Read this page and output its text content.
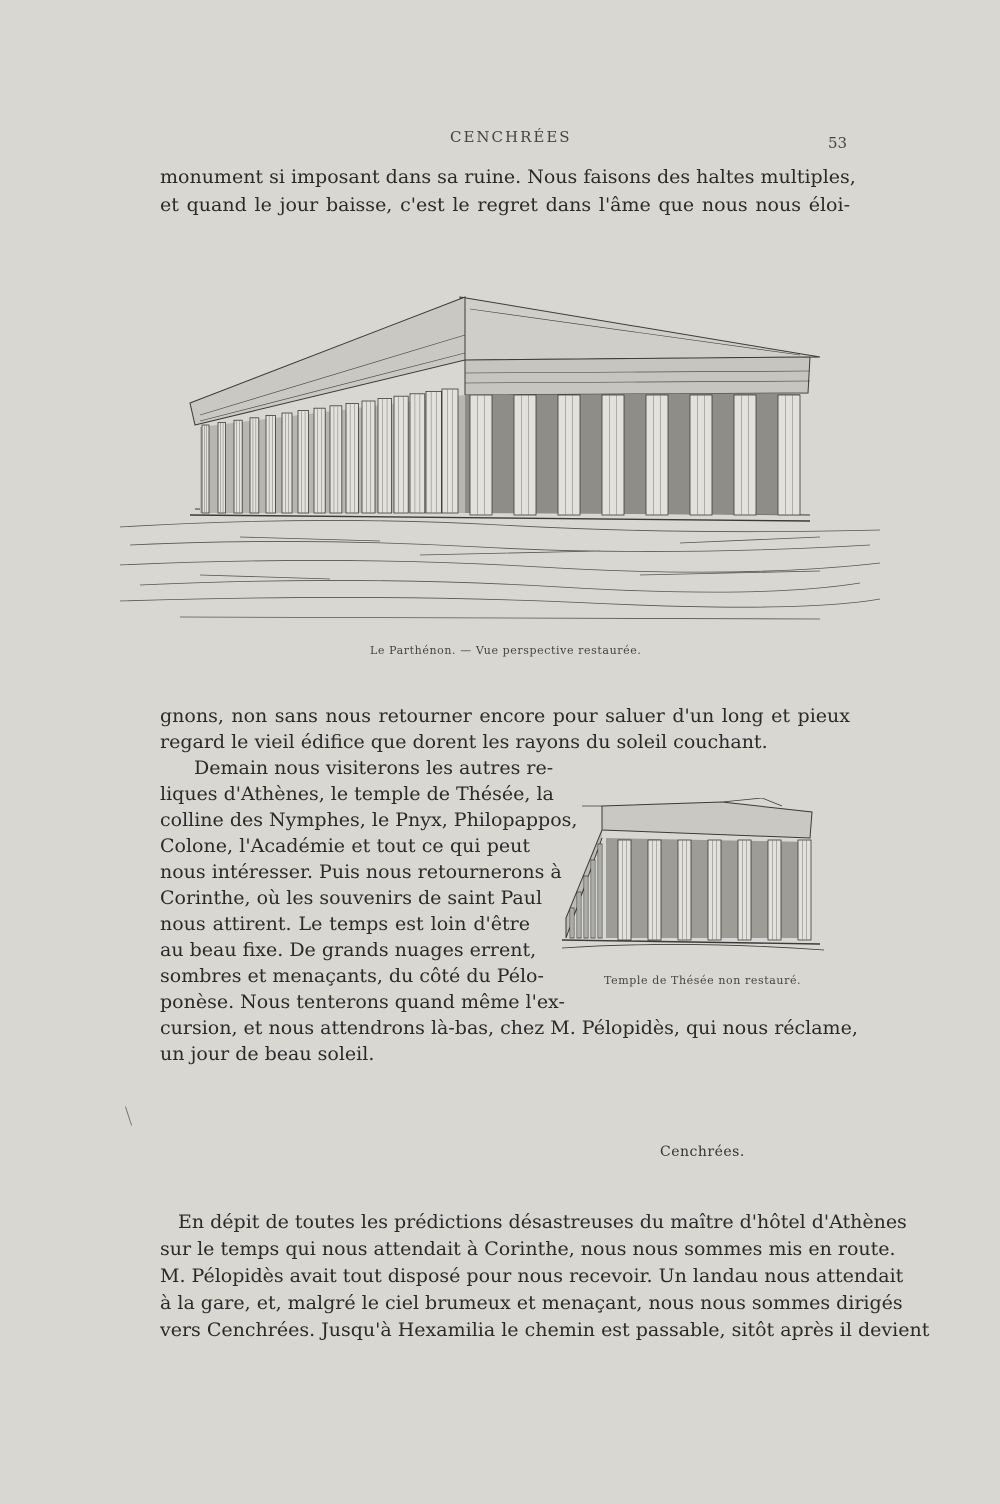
CENCHRÉES	53
monument si imposant dans sa ruine. Nous faisons des haltes multiples,
et quand le jour baisse, c'est le regret dans l'âme que nous nous éloi-
Le Parthénon. — Vue perspective restaurée.
gnons, non sans nous retourner encore pour saluer d'un long et pieux
regard le vieil édifice que dorent les rayons du soleil couchant.
Demain nous visiterons les autres re-
liques d'Athènes, le temple de Thésée, la
colline des Nymphes, le Pnyx, Philopappos,
Colone, l'Académie et tout ce qui peut
nous intéresser. Puis nous retournerons à
Corinthe, où les souvenirs de saint Paul
nous attirent. Le temps est loin d'être
au beau fixe. De grands nuages errent,
sombres et menaçants, du côté du Pélo-
ponèse. Nous tenterons quand même l'ex-
cursion, et nous attendrons là-bas, chez M. Pélopidès, qui nous réclame,
un jour de beau soleil.
Temple de Thésée non restauré.
Cenchrées.
En dépit de toutes les prédictions désastreuses du maître d'hôtel d'Athènes
sur le temps qui nous attendait à Corinthe, nous nous sommes mis en route.
M. Pélopidès avait tout disposé pour nous recevoir. Un landau nous attendait
à la gare, et, malgré le ciel brumeux et menaçant, nous nous sommes dirigés
vers Cenchrées. Jusqu'à Hexamilia le chemin est passable, sitôt après il devient
